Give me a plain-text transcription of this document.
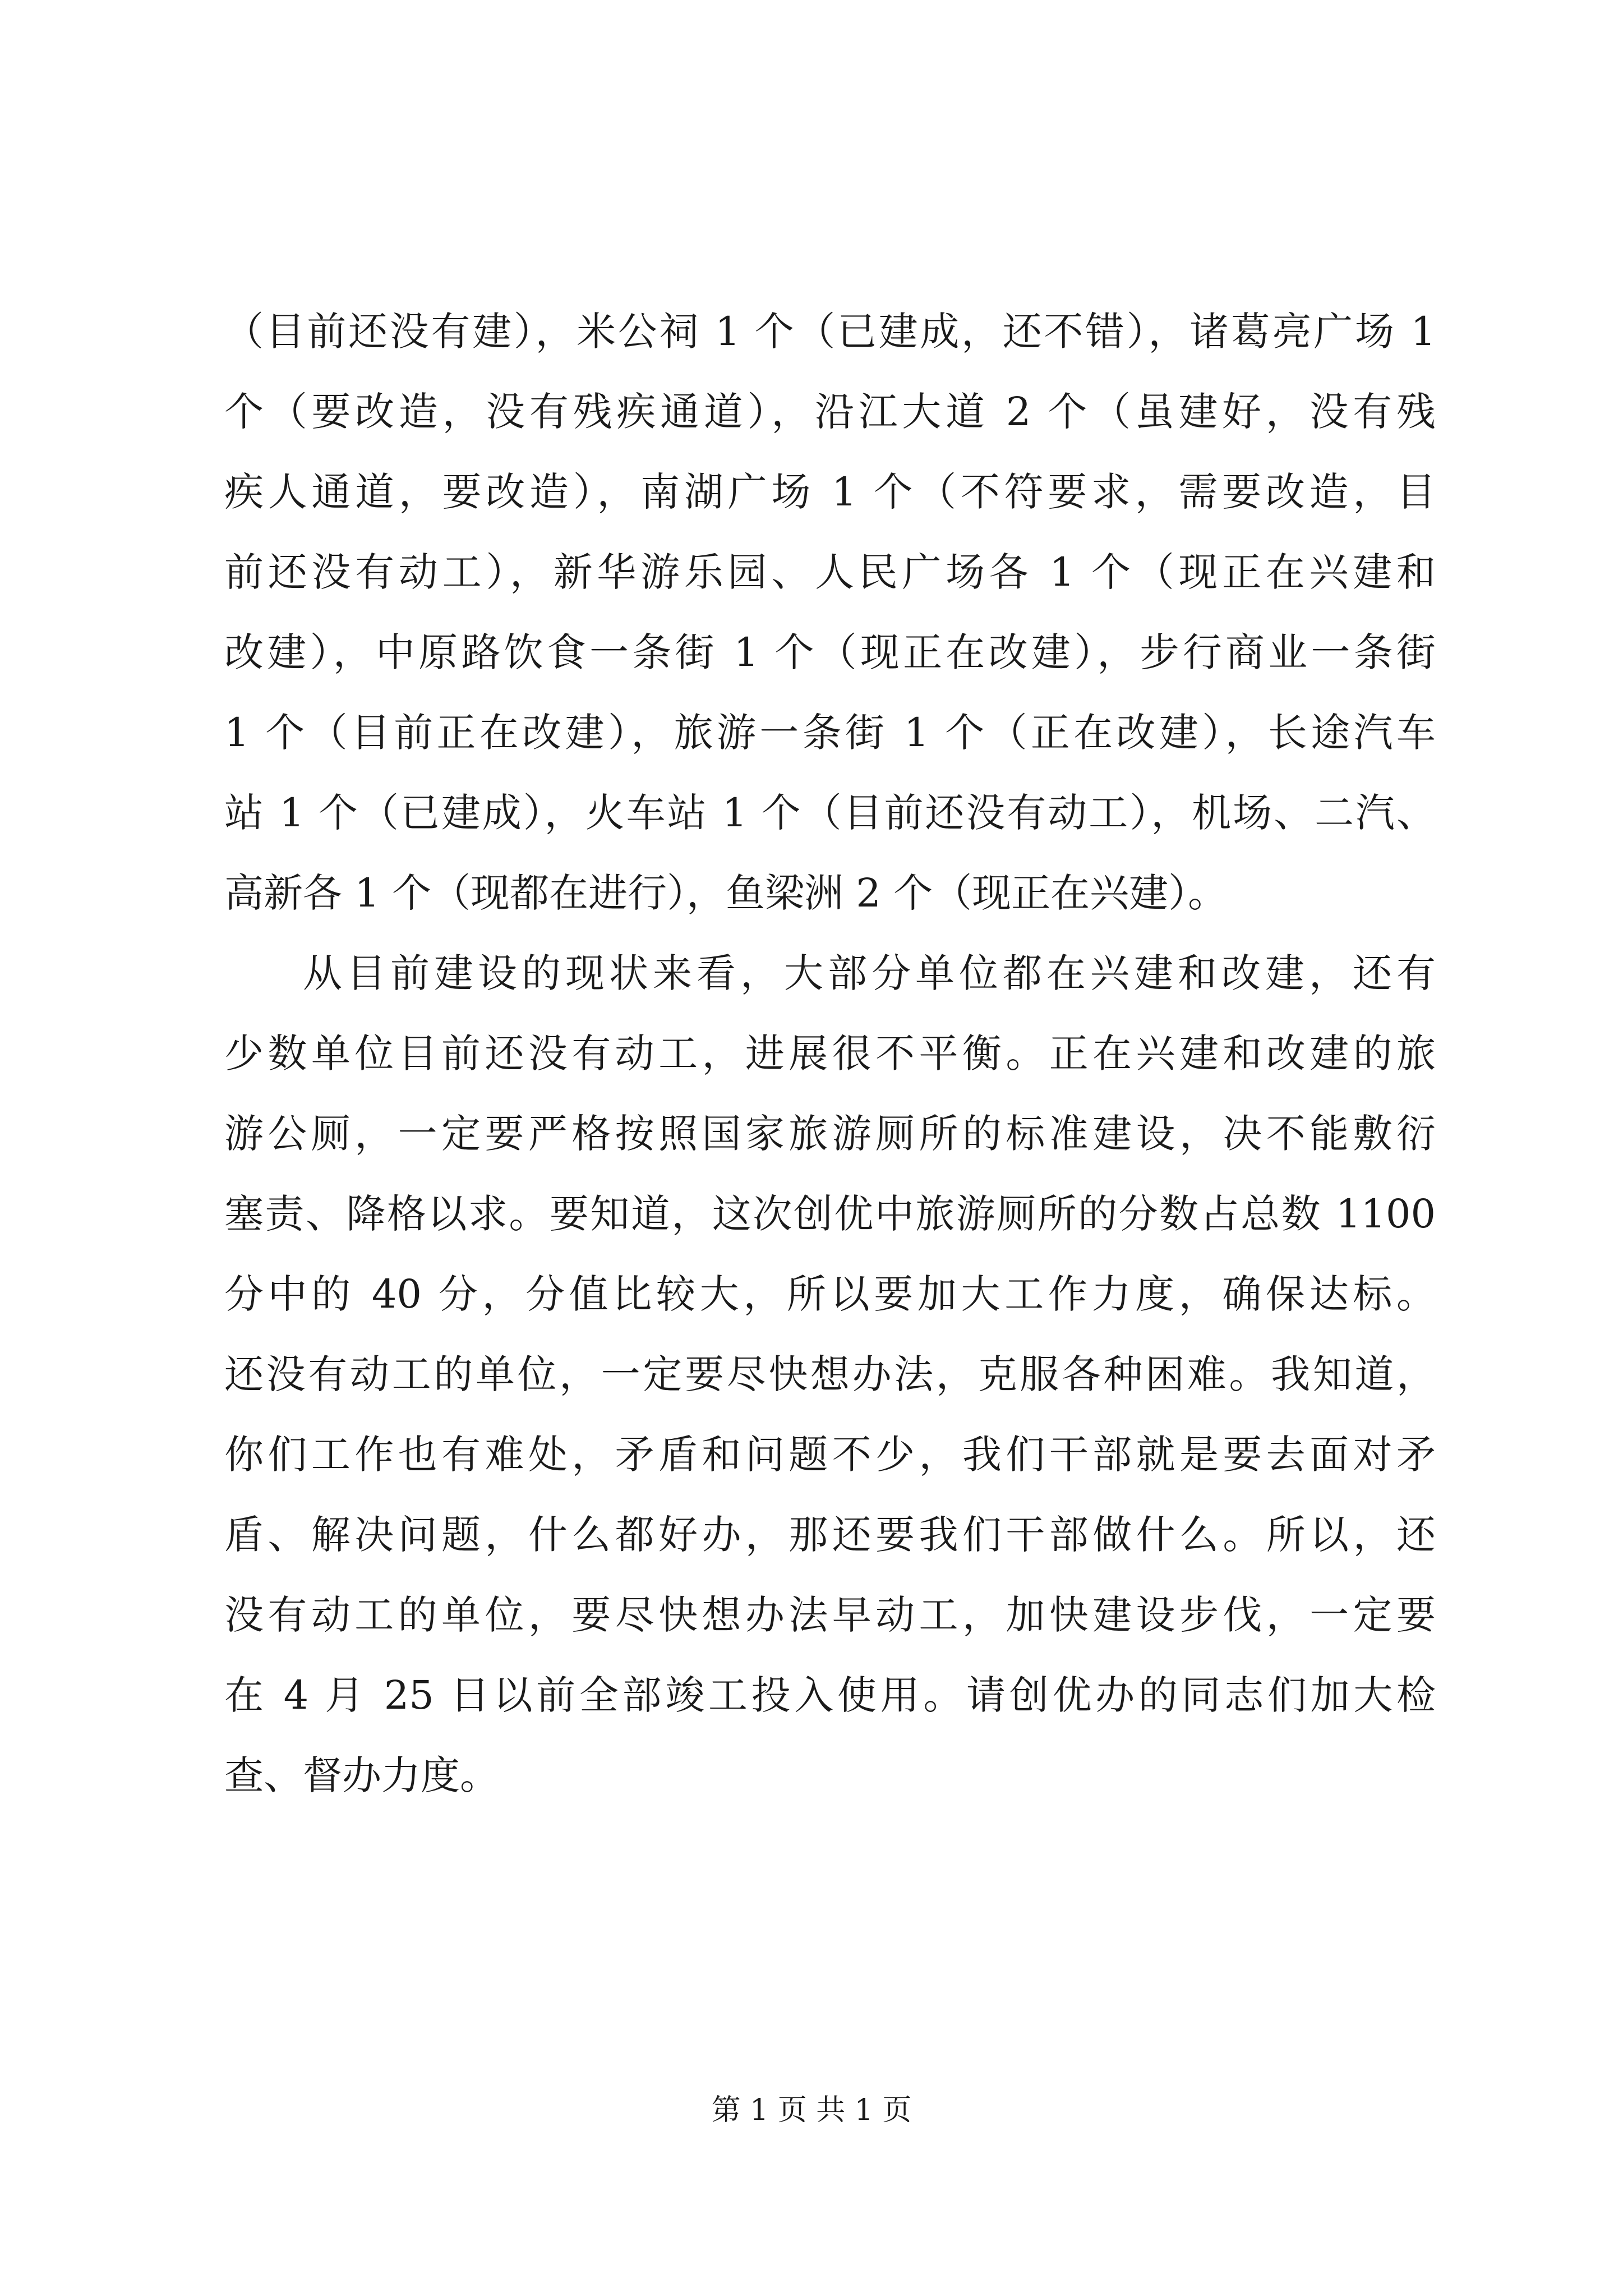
（目前还没有建），米公祠 1 个（已建成，还不错），诸葛亮广场 1
个（要改造，没有残疾通道），沿江大道 2 个（虽建好，没有残
疾人通道，要改造），南湖广场 1 个（不符要求，需要改造，目
前还没有动工），新华游乐园、人民广场各 1 个（现正在兴建和
改建），中原路饮食一条街 1 个（现正在改建），步行商业一条街
1 个（目前正在改建），旅游一条街 1 个（正在改建），长途汽车
站 1 个（已建成），火车站 1 个（目前还没有动工），机场、二汽、
高新各 1 个（现都在进行），鱼梁洲 2 个（现正在兴建）。
从目前建设的现状来看，大部分单位都在兴建和改建，还有
少数单位目前还没有动工，进展很不平衡。正在兴建和改建的旅
游公厕，一定要严格按照国家旅游厕所的标准建设，决不能敷衍
塞责、降格以求。要知道，这次创优中旅游厕所的分数占总数 1100
分中的 40 分，分值比较大，所以要加大工作力度，确保达标。
还没有动工的单位，一定要尽快想办法，克服各种困难。我知道，
你们工作也有难处，矛盾和问题不少，我们干部就是要去面对矛
盾、解决问题，什么都好办，那还要我们干部做什么。所以，还
没有动工的单位，要尽快想办法早动工，加快建设步伐，一定要
在 4 月 25 日以前全部竣工投入使用。请创优办的同志们加大检
查、督办力度。
第 1 页 共 1 页
